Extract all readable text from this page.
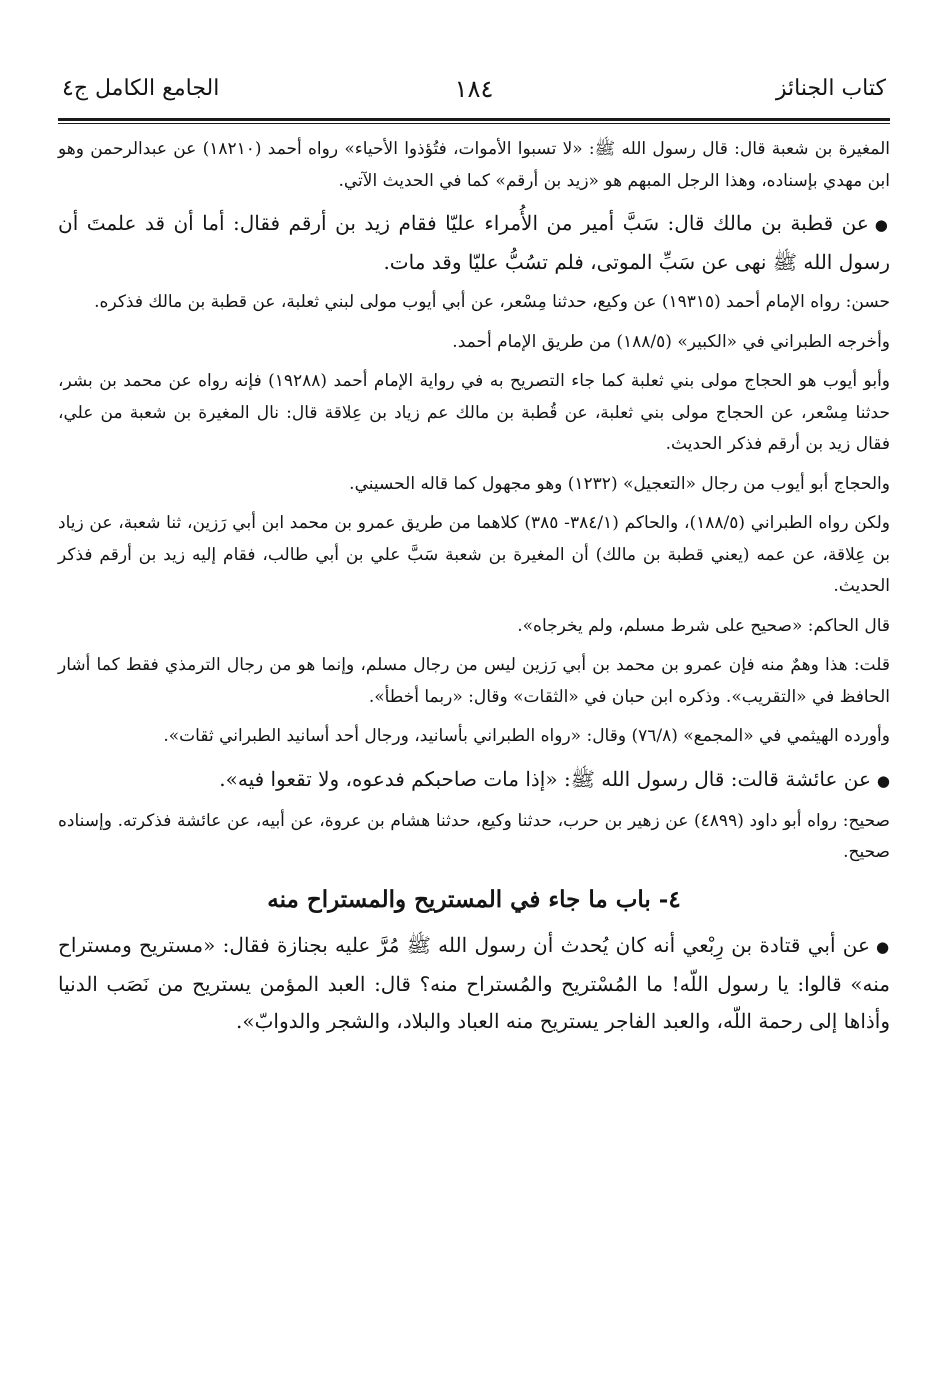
كتاب الجنائز
١٨٤
الجامع الكامل ج٤

المغيرة بن شعبة قال: قال رسول الله ﷺ: «لا تسبوا الأموات، فتُؤذوا الأحياء» رواه أحمد (١٨٢١٠) عن عبدالرحمن وهو ابن مهدي بإسناده، وهذا الرجل المبهم هو «زيد بن أرقم» كما في الحديث الآتي.

●عن قطبة بن مالك قال: سَبَّ أمير من الأُمراء عليّا فقام زيد بن أرقم فقال: أما أن قد علمتَ أن رسول الله ﷺ نهى عن سَبِّ الموتى، فلم تسُبُّ عليّا وقد مات.

حسن: رواه الإمام أحمد (١٩٣١٥) عن وكيع، حدثنا مِسْعر، عن أبي أيوب مولى لبني ثعلبة، عن قطبة بن مالك فذكره.

وأخرجه الطبراني في «الكبير» (١٨٨/٥) من طريق الإمام أحمد.

وأبو أيوب هو الحجاج مولى بني ثعلبة كما جاء التصريح به في رواية الإمام أحمد (١٩٢٨٨) فإنه رواه عن محمد بن بشر، حدثنا مِسْعر، عن الحجاج مولى بني ثعلبة، عن قُطبة بن مالك عم زياد بن عِلاقة قال: نال المغيرة بن شعبة من علي، فقال زيد بن أرقم فذكر الحديث.

والحجاج أبو أيوب من رجال «التعجيل» (١٢٣٢) وهو مجهول كما قاله الحسيني.

ولكن رواه الطبراني (١٨٨/٥)، والحاكم (٣٨٤/١- ٣٨٥) كلاهما من طريق عمرو بن محمد ابن أبي رَزين، ثنا شعبة، عن زياد بن عِلاقة، عن عمه (يعني قطبة بن مالك) أن المغيرة بن شعبة سَبَّ علي بن أبي طالب، فقام إليه زيد بن أرقم فذكر الحديث.

قال الحاكم: «صحيح على شرط مسلم، ولم يخرجاه».

قلت: هذا وهمٌ منه فإن عمرو بن محمد بن أبي رَزين ليس من رجال مسلم، وإنما هو من رجال الترمذي فقط كما أشار الحافظ في «التقريب». وذكره ابن حبان في «الثقات» وقال: «ربما أخطأ».

وأورده الهيثمي في «المجمع» (٧٦/٨) وقال: «رواه الطبراني بأسانيد، ورجال أحد أسانيد الطبراني ثقات».

●عن عائشة قالت: قال رسول الله ﷺ: «إذا مات صاحبكم فدعوه، ولا تقعوا فيه».

صحيح: رواه أبو داود (٤٨٩٩) عن زهير بن حرب، حدثنا وكيع، حدثنا هشام بن عروة، عن أبيه، عن عائشة فذكرته. وإسناده صحيح.

٤- باب ما جاء في المستريح والمستراح منه

●عن أبي قتادة بن رِبْعي أنه كان يُحدث أن رسول الله ﷺ مُرَّ عليه بجنازة فقال: «مستريح ومستراح منه» قالوا: يا رسول اللّه! ما المُسْتريح والمُستراح منه؟ قال: العبد المؤمن يستريح من نَصَب الدنيا وأذاها إلى رحمة اللّه، والعبد الفاجر يستريح منه العباد والبلاد، والشجر والدوابّ».
